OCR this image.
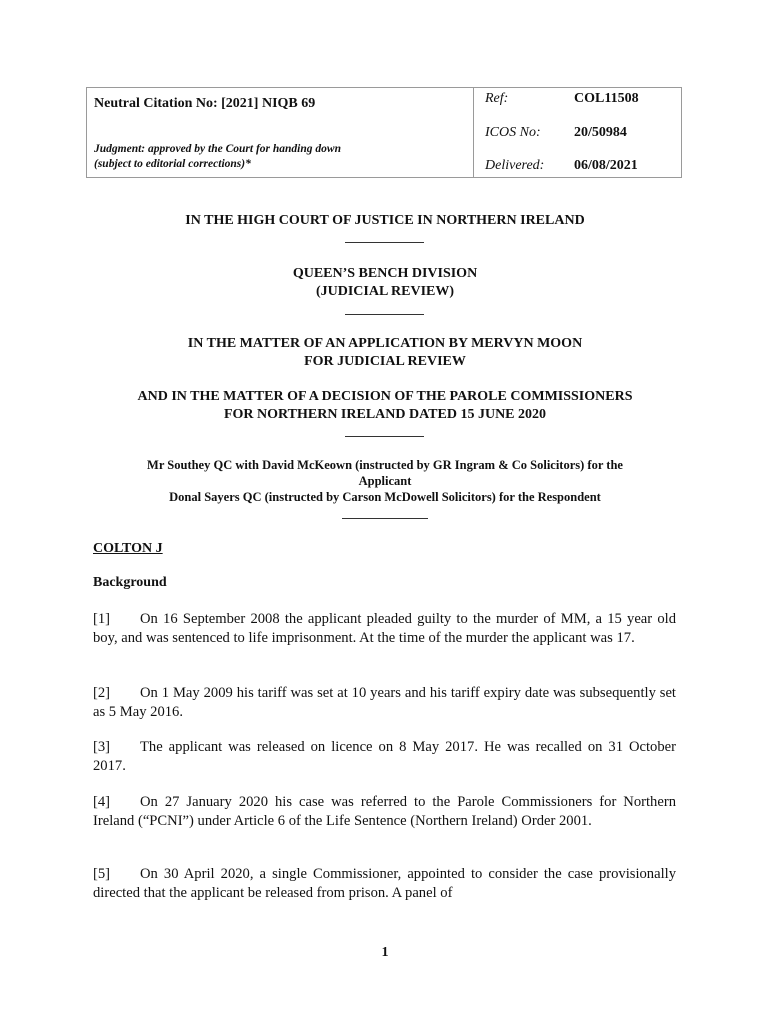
Neutral Citation No: [2021] NIQB 69
Judgment: approved by the Court for handing down
(subject to editorial corrections)*
Ref:	COL11508
ICOS No: 20/50984
Delivered: 06/08/2021
IN THE HIGH COURT OF JUSTICE IN NORTHERN IRELAND
QUEEN’S BENCH DIVISION
(JUDICIAL REVIEW)
IN THE MATTER OF AN APPLICATION BY MERVYN MOON
FOR JUDICIAL REVIEW
AND IN THE MATTER OF A DECISION OF THE PAROLE COMMISSIONERS
FOR NORTHERN IRELAND DATED 15 JUNE 2020
Mr Southey QC with David McKeown (instructed by GR Ingram & Co Solicitors) for the
Applicant
Donal Sayers QC (instructed by Carson McDowell Solicitors) for the Respondent
COLTON J
Background
[1] On 16 September 2008 the applicant pleaded guilty to the murder of MM, a 15 year old boy, and was sentenced to life imprisonment. At the time of the murder the applicant was 17.
[2] On 1 May 2009 his tariff was set at 10 years and his tariff expiry date was subsequently set as 5 May 2016.
[3] The applicant was released on licence on 8 May 2017. He was recalled on 31 October 2017.
[4] On 27 January 2020 his case was referred to the Parole Commissioners for Northern Ireland (“PCNI”) under Article 6 of the Life Sentence (Northern Ireland) Order 2001.
[5] On 30 April 2020, a single Commissioner, appointed to consider the case provisionally directed that the applicant be released from prison. A panel of
1
